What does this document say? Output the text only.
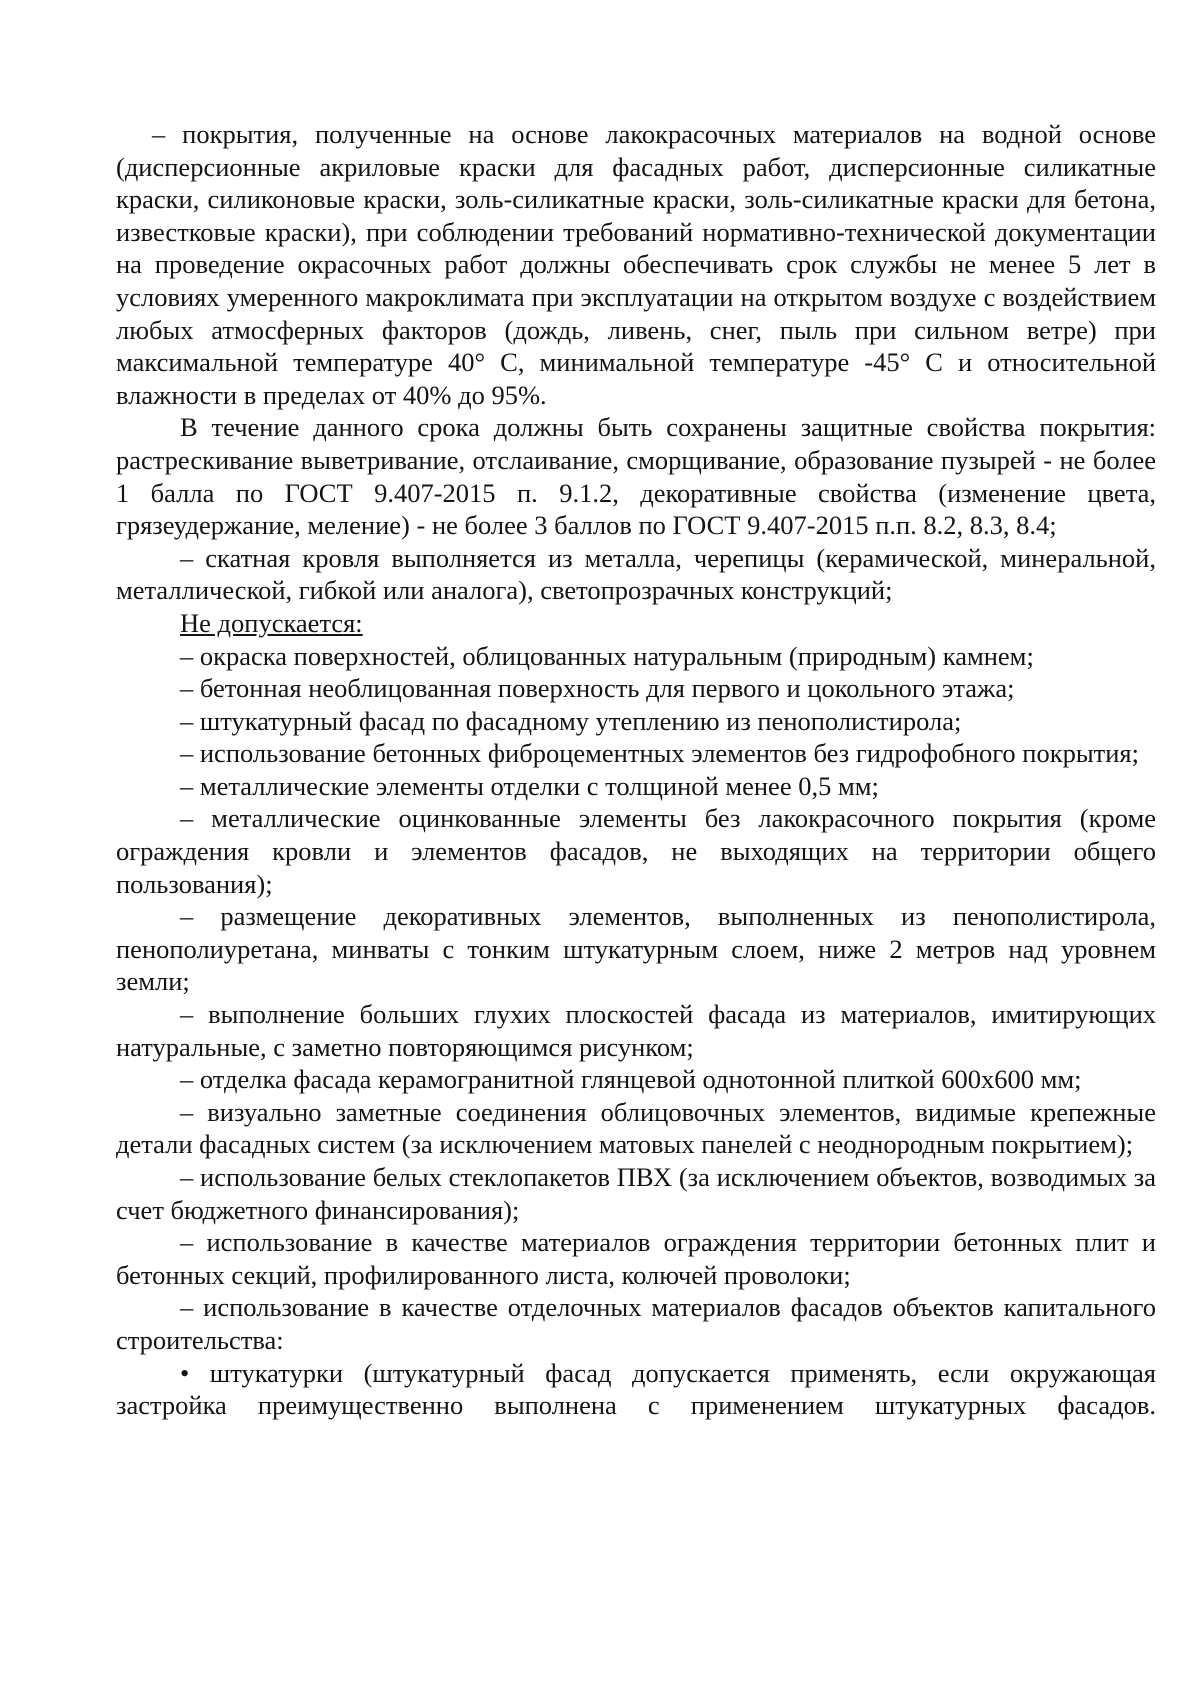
– покрытия, полученные на основе лакокрасочных материалов на водной основе (дисперсионные акриловые краски для фасадных работ, дисперсионные силикатные краски, силиконовые краски, золь-силикатные краски, золь-силикатные краски для бетона, известковые краски), при соблюдении требований нормативно-технической документации на проведение окрасочных работ должны обеспечивать срок службы не менее 5 лет в условиях умеренного макроклимата при эксплуатации на открытом воздухе с воздействием любых атмосферных факторов (дождь, ливень, снег, пыль при сильном ветре) при максимальной температуре 40° С, минимальной температуре -45° С и относительной влажности в пределах от 40% до 95%.

В течение данного срока должны быть сохранены защитные свойства покрытия: растрескивание выветривание, отслаивание, сморщивание, образование пузырей - не более 1 балла по ГОСТ 9.407-2015 п. 9.1.2, декоративные свойства (изменение цвета, грязеудержание, меление) - не более 3 баллов по ГОСТ 9.407-2015 п.п. 8.2, 8.3, 8.4;

– скатная кровля выполняется из металла, черепицы (керамической, минеральной, металлической, гибкой или аналога), светопрозрачных конструкций;

Не допускается:

– окраска поверхностей, облицованных натуральным (природным) камнем;

– бетонная необлицованная поверхность для первого и цокольного этажа;

– штукатурный фасад по фасадному утеплению из пенополистирола;

– использование бетонных фиброцементных элементов без гидрофобного покрытия;

– металлические элементы отделки с толщиной менее 0,5 мм;

– металлические оцинкованные элементы без лакокрасочного покрытия (кроме ограждения кровли и элементов фасадов, не выходящих на территории общего пользования);

– размещение декоративных элементов, выполненных из пенополистирола, пенополиуретана, минваты с тонким штукатурным слоем, ниже 2 метров над уровнем земли;

– выполнение больших глухих плоскостей фасада из материалов, имитирующих натуральные, с заметно повторяющимся рисунком;

– отделка фасада керамогранитной глянцевой однотонной плиткой 600х600 мм;

– визуально заметные соединения облицовочных элементов, видимые крепежные детали фасадных систем (за исключением матовых панелей с неоднородным покрытием);

– использование белых стеклопакетов ПВХ (за исключением объектов, возводимых за счет бюджетного финансирования);

– использование в качестве материалов ограждения территории бетонных плит и бетонных секций, профилированного листа, колючей проволоки;

– использование в качестве отделочных материалов фасадов объектов капитального строительства:

• штукатурки (штукатурный фасад допускается применять, если окружающая застройка преимущественно выполнена с применением штукатурных фасадов.
